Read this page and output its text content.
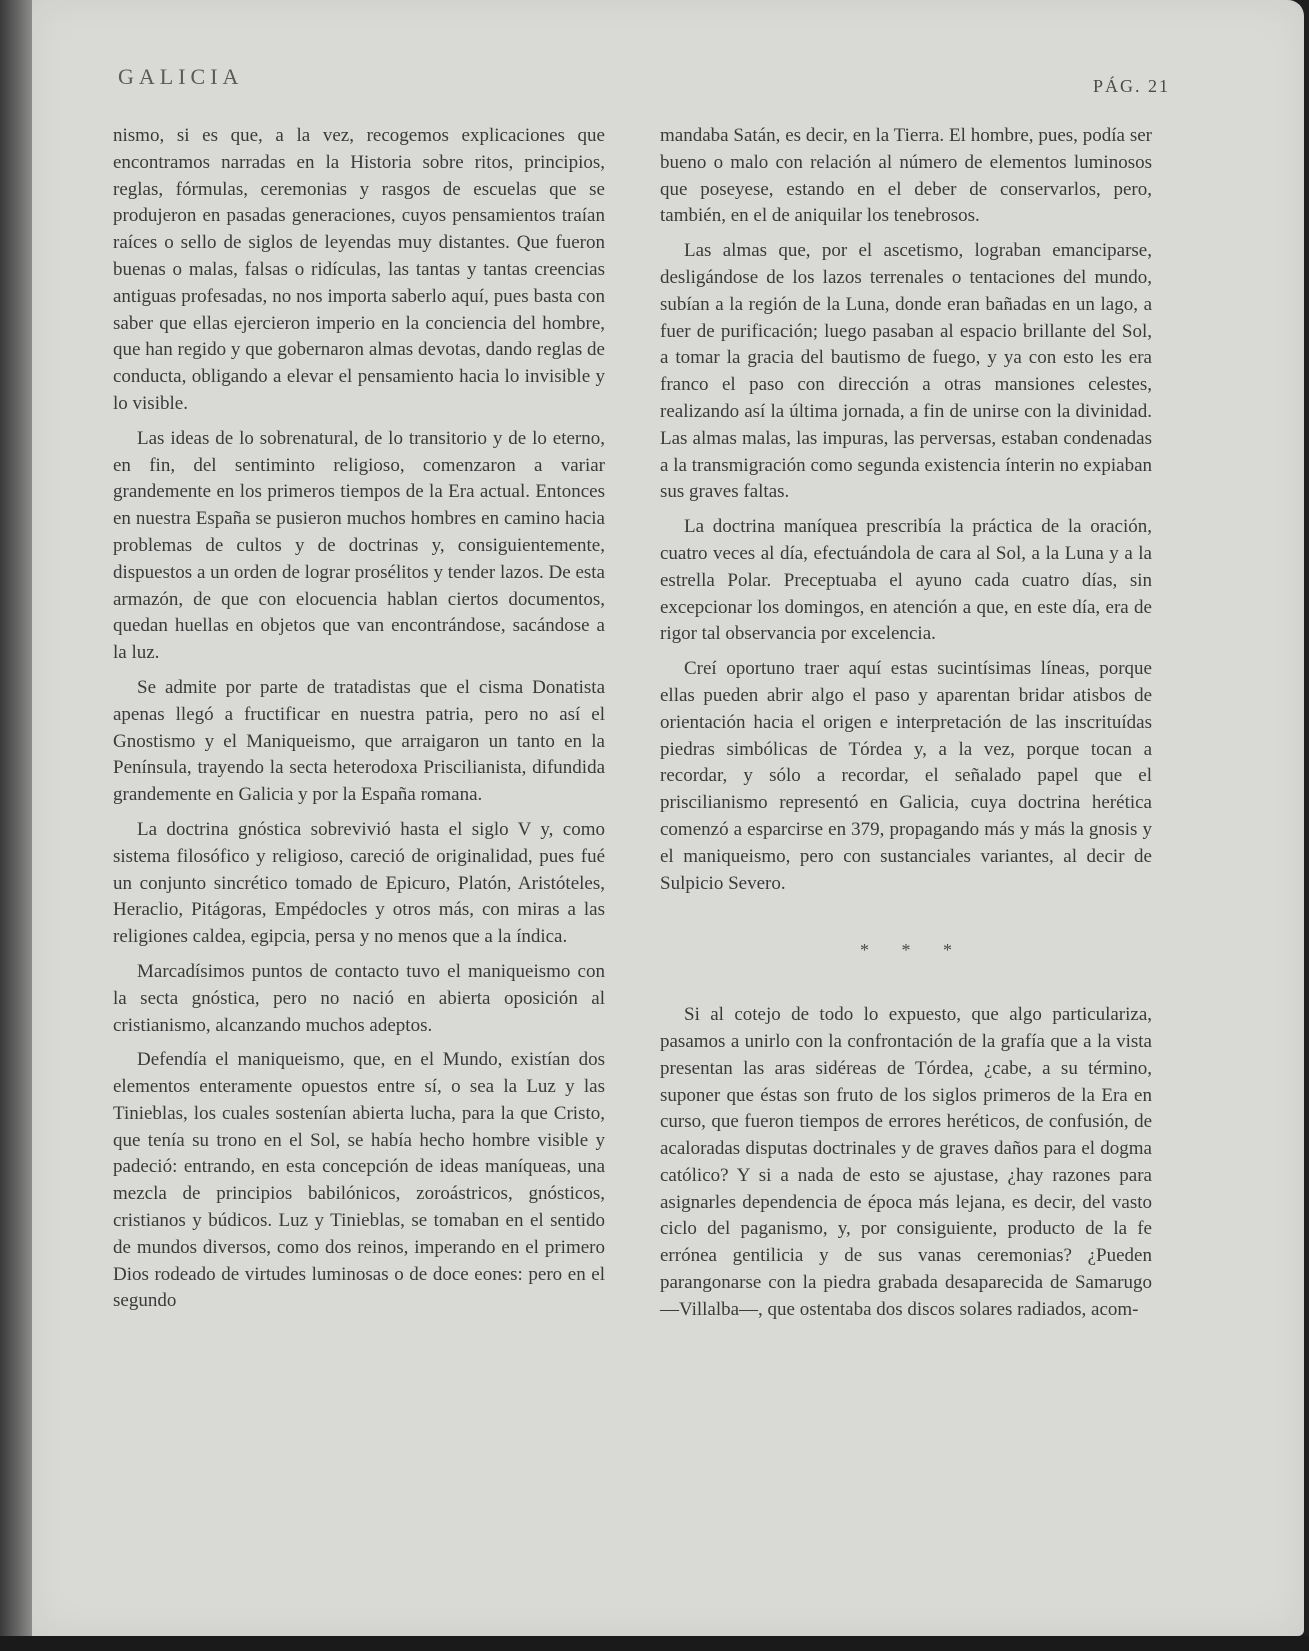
GALICIA	PÁG. 21

nismo, si es que, a la vez, recogemos explicaciones que encontramos narradas en la Historia sobre ritos, principios, reglas, fórmulas, ceremonias y rasgos de escuelas que se produjeron en pasadas generaciones, cuyos pensamientos traían raíces o sello de siglos de leyendas muy distantes. Que fueron buenas o malas, falsas o ridículas, las tantas y tantas creencias antiguas profesadas, no nos importa saberlo aquí, pues basta con saber que ellas ejercieron imperio en la conciencia del hombre, que han regido y que gobernaron almas devotas, dando reglas de conducta, obligando a elevar el pensamiento hacia lo invisible y lo visible.

Las ideas de lo sobrenatural, de lo transitorio y de lo eterno, en fin, del sentiminto religioso, comenzaron a variar grandemente en los primeros tiempos de la Era actual. Entonces en nuestra España se pusieron muchos hombres en camino hacia problemas de cultos y de doctrinas y, consiguientemente, dispuestos a un orden de lograr prosélitos y tender lazos. De esta armazón, de que con elocuencia hablan ciertos documentos, quedan huellas en objetos que van encontrándose, sacándose a la luz.

Se admite por parte de tratadistas que el cisma Donatista apenas llegó a fructificar en nuestra patria, pero no así el Gnostismo y el Maniqueismo, que arraigaron un tanto en la Península, trayendo la secta heterodoxa Priscilianista, difundida grandemente en Galicia y por la España romana.

La doctrina gnóstica sobrevivió hasta el siglo V y, como sistema filosófico y religioso, careció de originalidad, pues fué un conjunto sincrético tomado de Epicuro, Platón, Aristóteles, Heraclio, Pitágoras, Empédocles y otros más, con miras a las religiones caldea, egipcia, persa y no menos que a la índica.

Marcadísimos puntos de contacto tuvo el maniqueismo con la secta gnóstica, pero no nació en abierta oposición al cristianismo, alcanzando muchos adeptos.

Defendía el maniqueismo, que, en el Mundo, existían dos elementos enteramente opuestos entre sí, o sea la Luz y las Tinieblas, los cuales sostenían abierta lucha, para la que Cristo, que tenía su trono en el Sol, se había hecho hombre visible y padeció: entrando, en esta concepción de ideas maníqueas, una mezcla de principios babilónicos, zoroástricos, gnósticos, cristianos y búdicos. Luz y Tinieblas, se tomaban en el sentido de mundos diversos, como dos reinos, imperando en el primero Dios rodeado de virtudes luminosas o de doce eones: pero en el segundo

mandaba Satán, es decir, en la Tierra. El hombre, pues, podía ser bueno o malo con relación al número de elementos luminosos que poseyese, estando en el deber de conservarlos, pero, también, en el de aniquilar los tenebrosos.

Las almas que, por el ascetismo, lograban emanciparse, desligándose de los lazos terrenales o tentaciones del mundo, subían a la región de la Luna, donde eran bañadas en un lago, a fuer de purificación; luego pasaban al espacio brillante del Sol, a tomar la gracia del bautismo de fuego, y ya con esto les era franco el paso con dirección a otras mansiones celestes, realizando así la última jornada, a fin de unirse con la divinidad. Las almas malas, las impuras, las perversas, estaban condenadas a la transmigración como segunda existencia ínterin no expiaban sus graves faltas.

La doctrina maníquea prescribía la práctica de la oración, cuatro veces al día, efectuándola de cara al Sol, a la Luna y a la estrella Polar. Preceptuaba el ayuno cada cuatro días, sin excepcionar los domingos, en atención a que, en este día, era de rigor tal observancia por excelencia.

Creí oportuno traer aquí estas sucintísimas líneas, porque ellas pueden abrir algo el paso y aparentan bridar atisbos de orientación hacia el origen e interpretación de las inscrituídas piedras simbólicas de Tórdea y, a la vez, porque tocan a recordar, y sólo a recordar, el señalado papel que el priscilianismo representó en Galicia, cuya doctrina herética comenzó a esparcirse en 379, propagando más y más la gnosis y el maniqueismo, pero con sustanciales variantes, al decir de Sulpicio Severo.

* * *

Si al cotejo de todo lo expuesto, que algo particulariza, pasamos a unirlo con la confrontación de la grafía que a la vista presentan las aras sidéreas de Tórdea, ¿cabe, a su término, suponer que éstas son fruto de los siglos primeros de la Era en curso, que fueron tiempos de errores heréticos, de confusión, de acaloradas disputas doctrinales y de graves daños para el dogma católico? Y si a nada de esto se ajustase, ¿hay razones para asignarles dependencia de época más lejana, es decir, del vasto ciclo del paganismo, y, por consiguiente, producto de la fe errónea gentilicia y de sus vanas ceremonias? ¿Pueden parangonarse con la piedra grabada desaparecida de Samarugo—Villalba—, que ostentaba dos discos solares radiados, acom-
